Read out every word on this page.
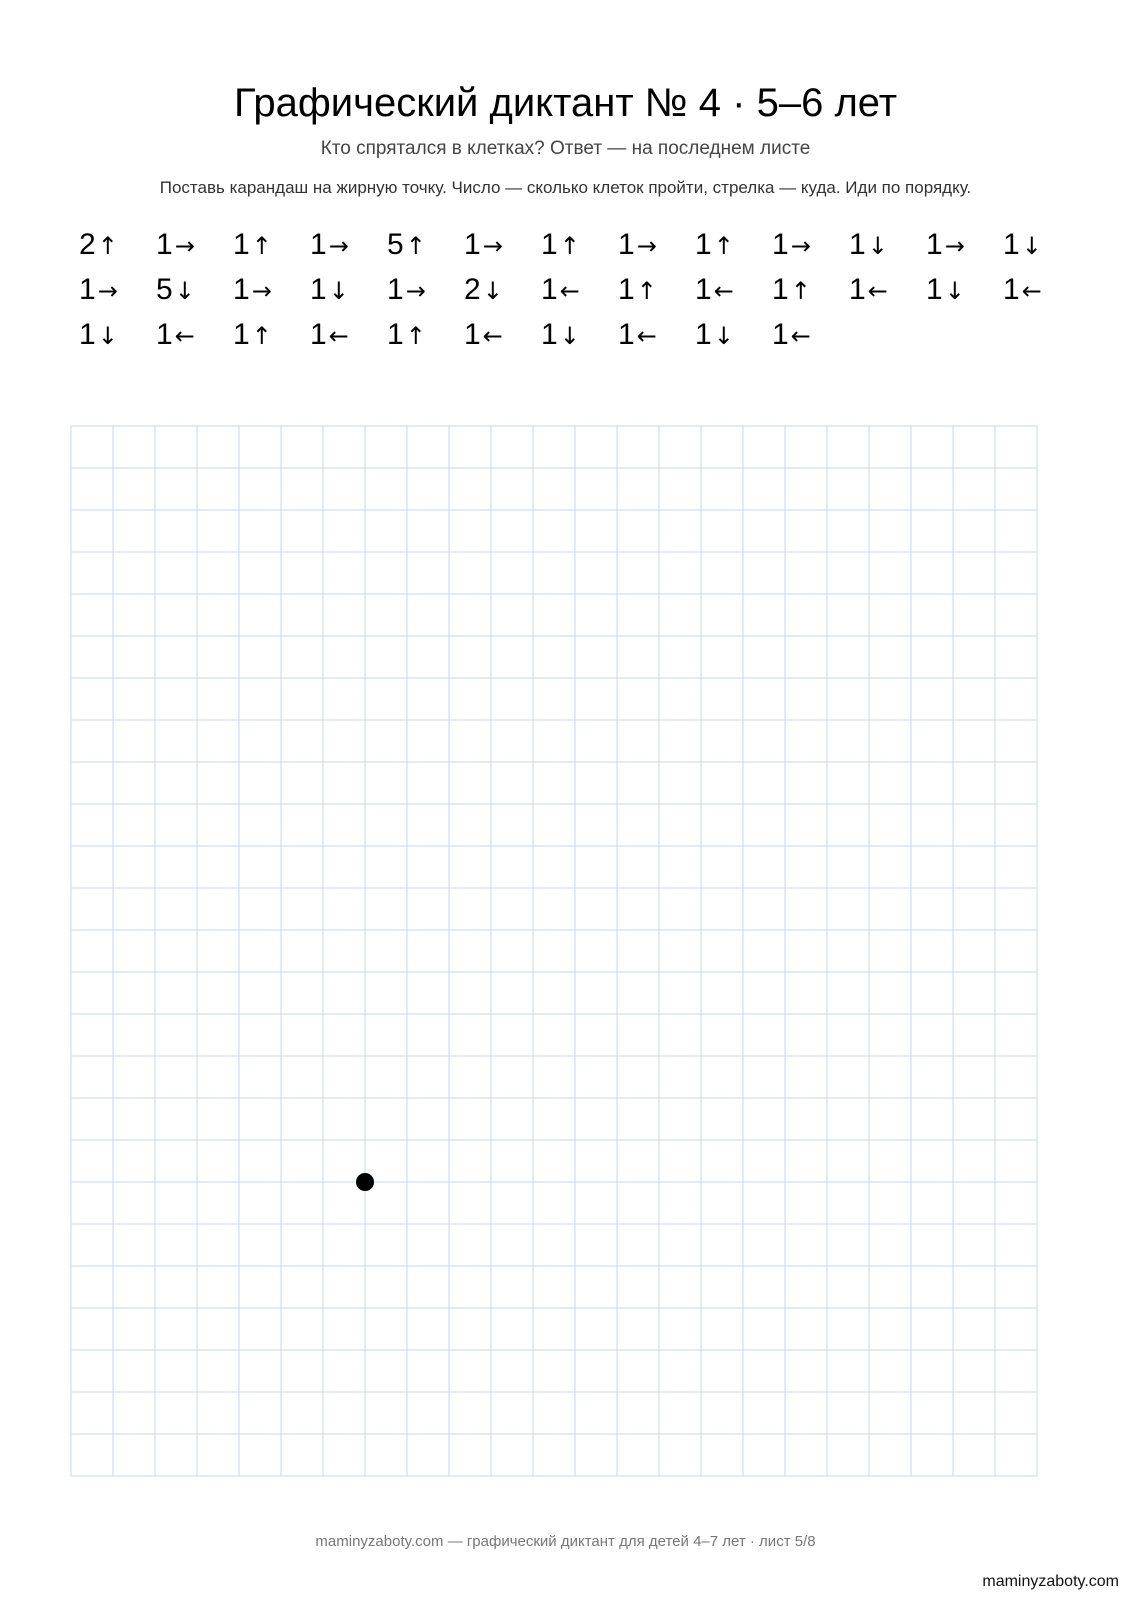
Графический диктант № 4 · 5–6 лет
Кто спрятался в клетках? Ответ — на последнем листе
Поставь карандаш на жирную точку. Число — сколько клеток пройти, стрелка — куда. Иди по порядку.
2↑	1→	1↑	1→	5↑	1→	1↑	1→	1↑	1→	1↓	1→	1↓
1→	5↓	1→	1↓	1→	2↓	1←	1↑	1←	1↑	1←	1↓	1←
1↓	1←	1↑	1←	1↑	1←	1↓	1←	1↓	1←
maminyzaboty.com — графический диктант для детей 4–7 лет · лист 5/8
maminyzaboty.com
